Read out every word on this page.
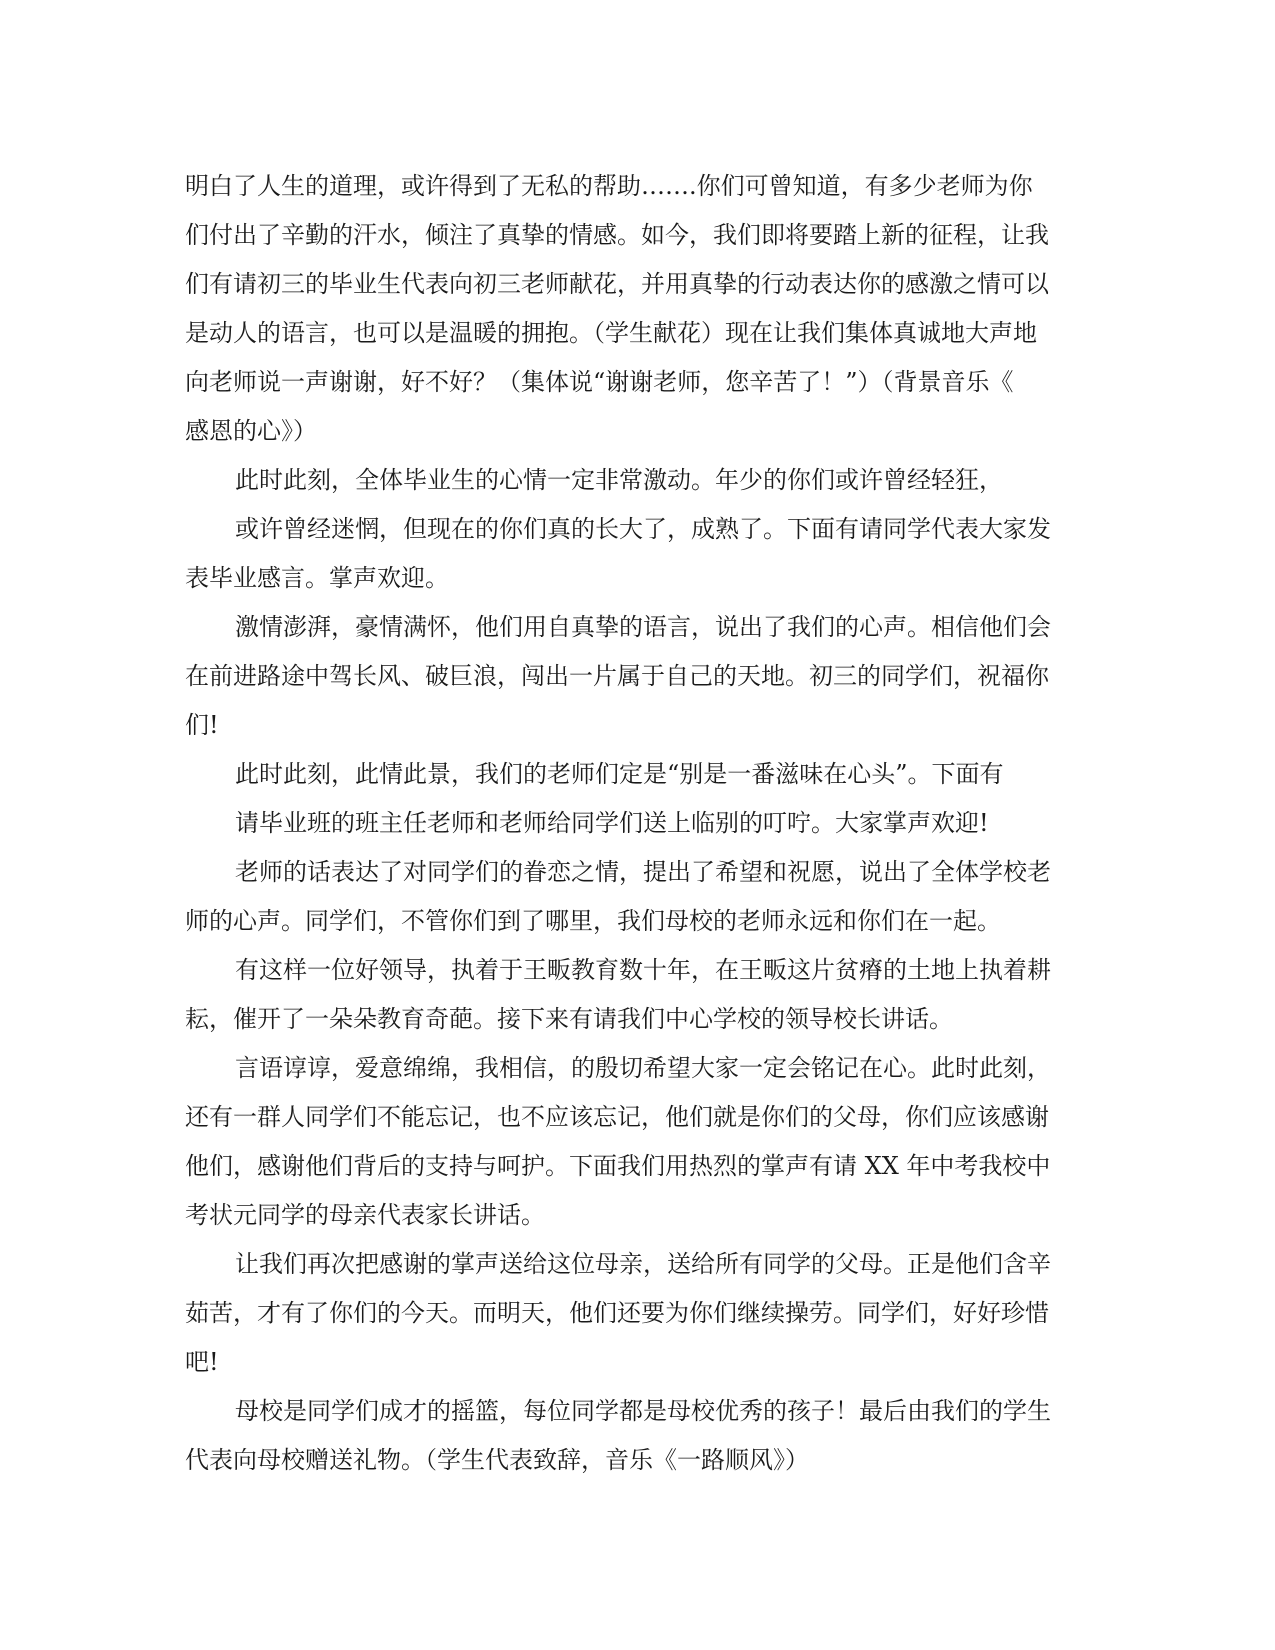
明白了人生的道理，或许得到了无私的帮助…….你们可曾知道，有多少老师为你
们付出了辛勤的汗水，倾注了真挚的情感。如今，我们即将要踏上新的征程，让我
们有请初三的毕业生代表向初三老师献花，并用真挚的行动表达你的感激之情可以
是动人的语言，也可以是温暖的拥抱。（学生献花）现在让我们集体真诚地大声地
向老师说一声谢谢，好不好？（集体说“谢谢老师，您辛苦了！”）（背景音乐《
感恩的心》）
此时此刻，全体毕业生的心情一定非常激动。年少的你们或许曾经轻狂，
或许曾经迷惘，但现在的你们真的长大了，成熟了。下面有请同学代表大家发
表毕业感言。掌声欢迎。
激情澎湃，豪情满怀，他们用自真挚的语言，说出了我们的心声。相信他们会
在前进路途中驾长风、破巨浪，闯出一片属于自己的天地。初三的同学们，祝福你
们!
此时此刻，此情此景，我们的老师们定是“别是一番滋味在心头”。下面有
请毕业班的班主任老师和老师给同学们送上临别的叮咛。大家掌声欢迎!
老师的话表达了对同学们的眷恋之情，提出了希望和祝愿，说出了全体学校老
师的心声。同学们，不管你们到了哪里，我们母校的老师永远和你们在一起。
有这样一位好领导，执着于王畈教育数十年，在王畈这片贫瘠的土地上执着耕
耘，催开了一朵朵教育奇葩。接下来有请我们中心学校的领导校长讲话。
言语谆谆，爱意绵绵，我相信，的殷切希望大家一定会铭记在心。此时此刻，
还有一群人同学们不能忘记，也不应该忘记，他们就是你们的父母，你们应该感谢
他们，感谢他们背后的支持与呵护。下面我们用热烈的掌声有请 XX 年中考我校中
考状元同学的母亲代表家长讲话。
让我们再次把感谢的掌声送给这位母亲，送给所有同学的父母。正是他们含辛
茹苦，才有了你们的今天。而明天，他们还要为你们继续操劳。同学们，好好珍惜
吧!
母校是同学们成才的摇篮，每位同学都是母校优秀的孩子！最后由我们的学生
代表向母校赠送礼物。（学生代表致辞，音乐《一路顺风》）
